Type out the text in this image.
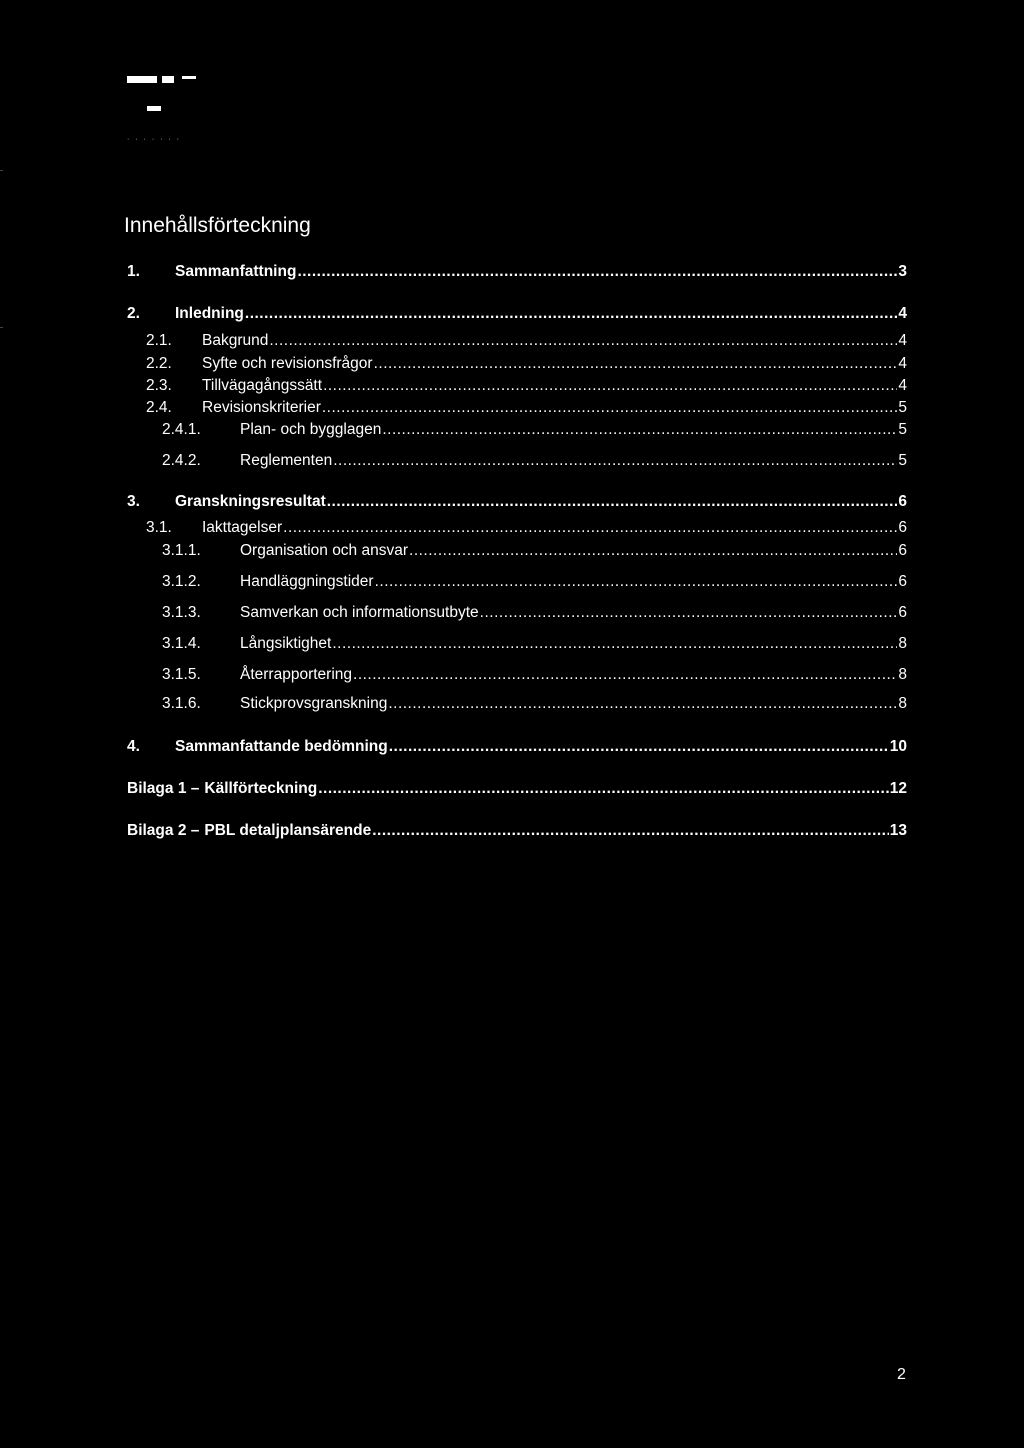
· · · · · · ·
Innehållsförteckning
1.	Sammanfattning .....	3
2.	Inledning .....	4
2.1.	Bakgrund .....	4
2.2.	Syfte och revisionsfrågor .....	4
2.3.	Tillvägagångssätt .....	4
2.4.	Revisionskriterier .....	5
2.4.1.	Plan- och bygglagen .....	5
2.4.2.	Reglementen .....	5
3.	Granskningsresultat .....	6
3.1.	Iakttagelser .....	6
3.1.1.	Organisation och ansvar .....	6
3.1.2.	Handläggningstider .....	6
3.1.3.	Samverkan och informationsutbyte .....	6
3.1.4.	Långsiktighet .....	8
3.1.5.	Återrapportering .....	8
3.1.6.	Stickprovsgranskning .....	8
4.	Sammanfattande bedömning .....	10
Bilaga 1 – Källförteckning .....	12
Bilaga 2 – PBL detaljplansärende .....	13
2
